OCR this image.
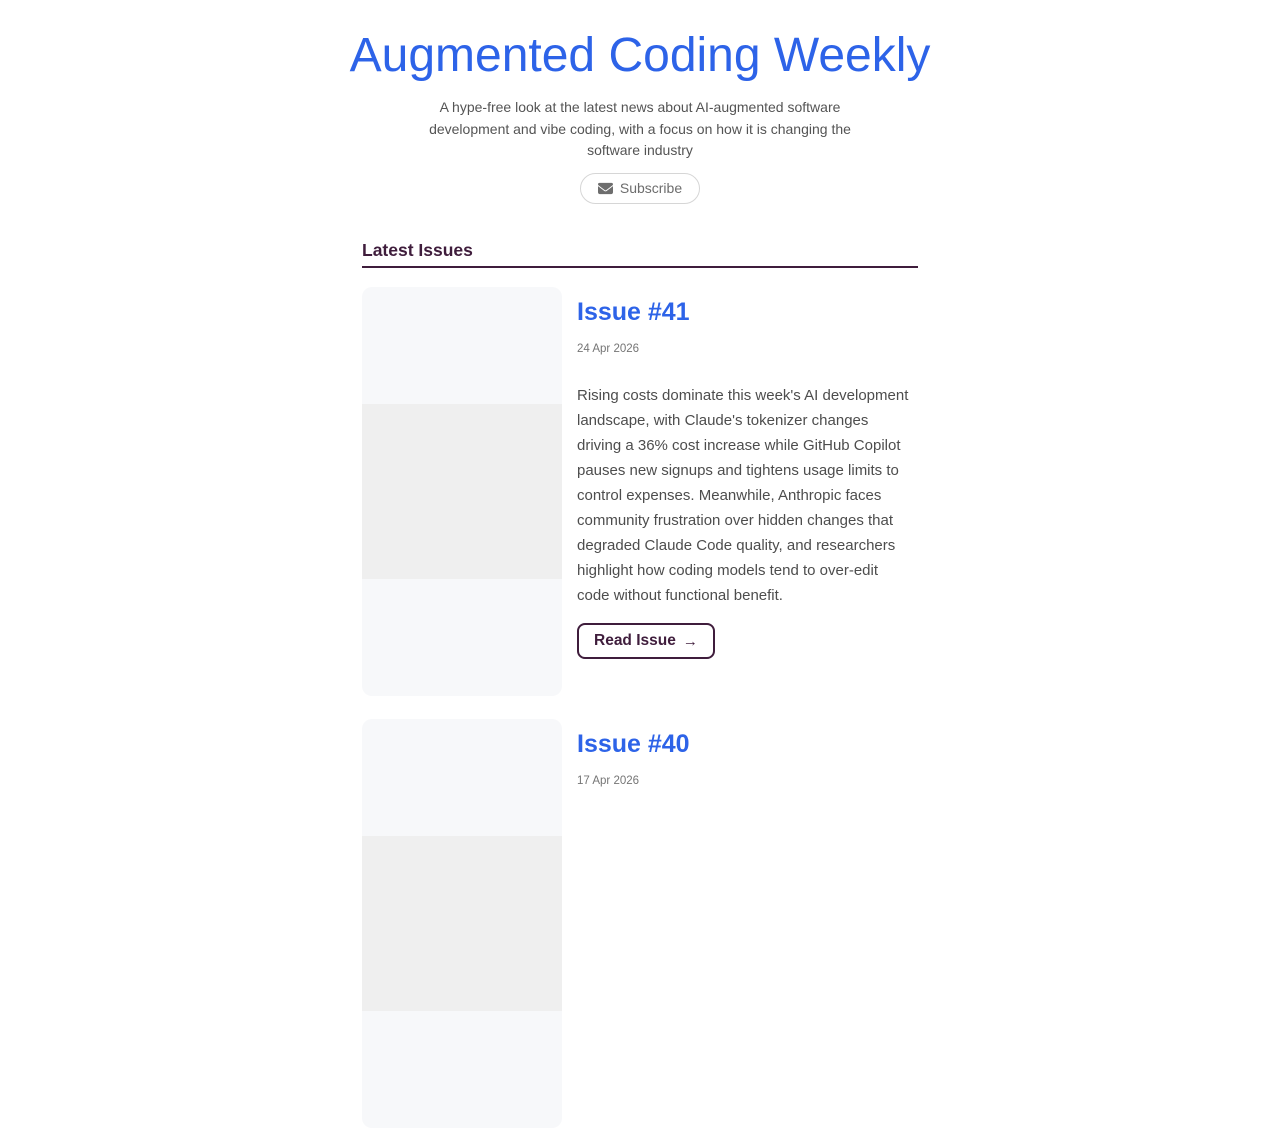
Augmented Coding Weekly

A hype-free look at the latest news about AI-augmented software development and vibe coding, with a focus on how it is changing the software industry

Subscribe
Latest Issues
Issue #41

24 Apr 2026

Rising costs dominate this week's AI development landscape, with Claude's tokenizer changes driving a 36% cost increase while GitHub Copilot pauses new signups and tightens usage limits to control expenses. Meanwhile, Anthropic faces community frustration over hidden changes that degraded Claude Code quality, and researchers highlight how coding models tend to over-edit code without functional benefit.

Read Issue →
Issue #40

17 Apr 2026
